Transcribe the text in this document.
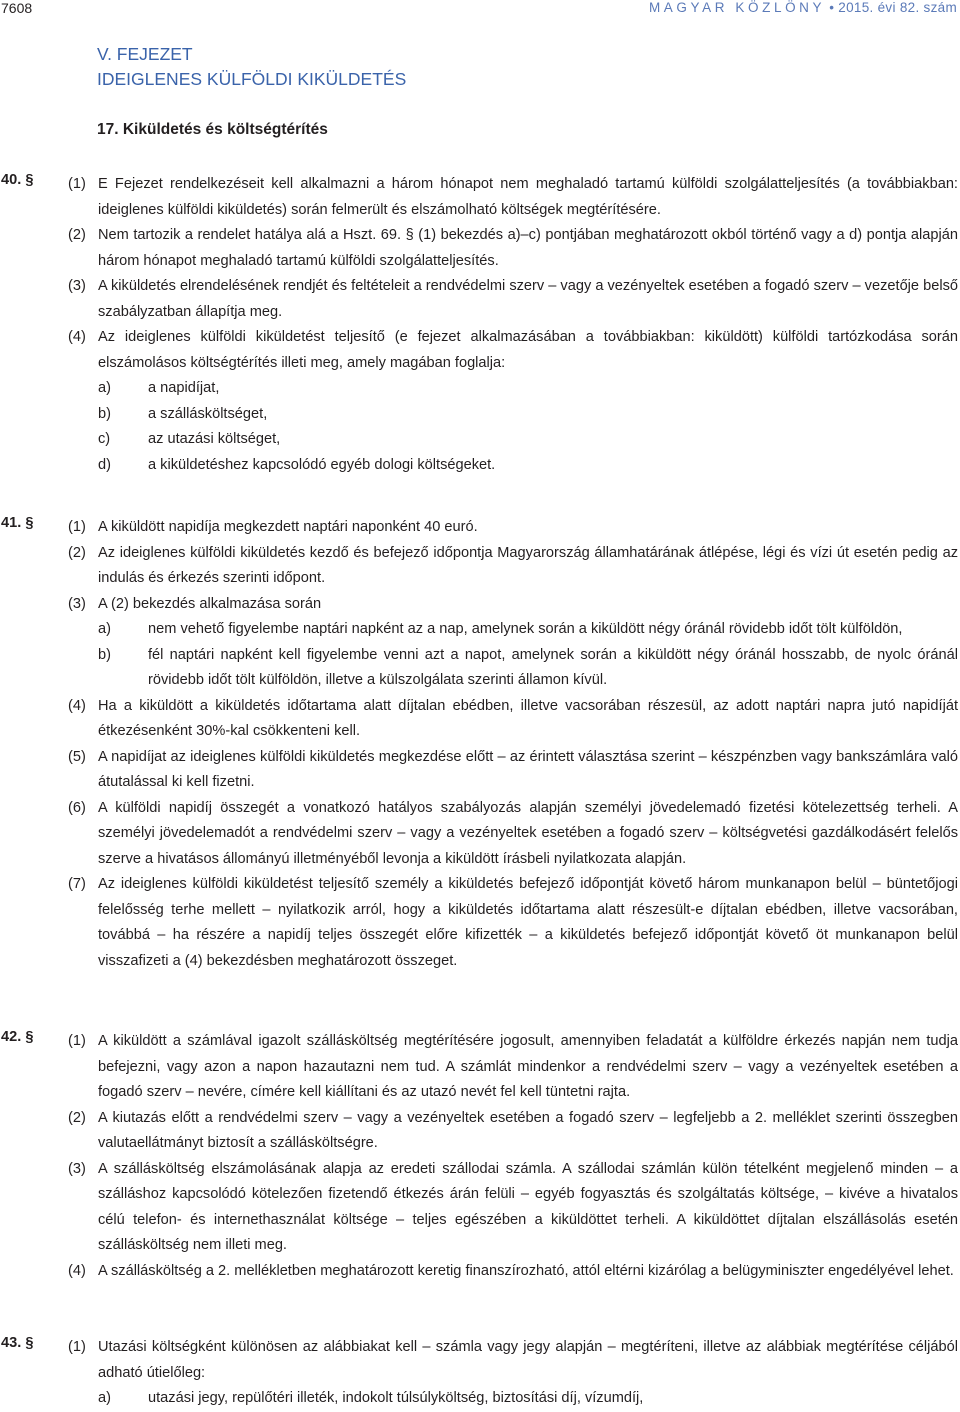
7608	MAGYAR KÖZLÖNY • 2015. évi 82. szám
V. FEJEZET
IDEIGLENES KÜLFÖLDI KIKÜLDETÉS
17. Kiküldetés és költségtérítés
40. § (1) E Fejezet rendelkezéseit kell alkalmazni a három hónapot nem meghaladó tartamú külföldi szolgálatteljesítés (a továbbiakban: ideiglenes külföldi kiküldetés) során felmerült és elszámolható költségek megtérítésére.
(2) Nem tartozik a rendelet hatálya alá a Hszt. 69. § (1) bekezdés a)–c) pontjában meghatározott okból történő vagy a d) pontja alapján három hónapot meghaladó tartamú külföldi szolgálatteljesítés.
(3) A kiküldetés elrendelésének rendjét és feltételeit a rendvédelmi szerv – vagy a vezényeltek esetében a fogadó szerv – vezetője belső szabályzatban állapítja meg.
(4) Az ideiglenes külföldi kiküldetést teljesítő (e fejezet alkalmazásában a továbbiakban: kiküldött) külföldi tartózkodása során elszámolásos költségtérítés illeti meg, amely magában foglalja:
a)	a napidíjat,
b)	a szállásköltséget,
c)	az utazási költséget,
d)	a kiküldetéshez kapcsolódó egyéb dologi költségeket.
41. § (1) A kiküldött napidíja megkezdett naptári naponként 40 euró.
(2) Az ideiglenes külföldi kiküldetés kezdő és befejező időpontja Magyarország államhatárának átlépése, légi és vízi út esetén pedig az indulás és érkezés szerinti időpont.
(3) A (2) bekezdés alkalmazása során
a)	nem vehető figyelembe naptári napként az a nap, amelynek során a kiküldött négy óránál rövidebb időt tölt külföldön,
b)	fél naptári napként kell figyelembe venni azt a napot, amelynek során a kiküldött négy óránál hosszabb, de nyolc óránál rövidebb időt tölt külföldön, illetve a külszolgálata szerinti államon kívül.
(4) Ha a kiküldött a kiküldetés időtartama alatt díjtalan ebédben, illetve vacsorában részesül, az adott naptári napra jutó napidíját étkezésenként 30%-kal csökkenteni kell.
(5) A napidíjat az ideiglenes külföldi kiküldetés megkezdése előtt – az érintett választása szerint – készpénzben vagy bankszámlára való átutalással ki kell fizetni.
(6) A külföldi napidíj összegét a vonatkozó hatályos szabályozás alapján személyi jövedelemadó fizetési kötelezettség terheli. A személyi jövedelemadót a rendvédelmi szerv – vagy a vezényeltek esetében a fogadó szerv – költségvetési gazdálkodásért felelős szerve a hivatásos állományú illetményéből levonja a kiküldött írásbeli nyilatkozata alapján.
(7) Az ideiglenes külföldi kiküldetést teljesítő személy a kiküldetés befejező időpontját követő három munkanapon belül – büntetőjogi felelősség terhe mellett – nyilatkozik arról, hogy a kiküldetés időtartama alatt részesült-e díjtalan ebédben, illetve vacsorában, továbbá – ha részére a napidíj teljes összegét előre kifizették – a kiküldetés befejező időpontját követő öt munkanapon belül visszafizeti a (4) bekezdésben meghatározott összeget.
42. § (1) A kiküldött a számlával igazolt szállásköltség megtérítésére jogosult, amennyiben feladatát a külföldre érkezés napján nem tudja befejezni, vagy azon a napon hazautazni nem tud. A számlát mindenkor a rendvédelmi szerv – vagy a vezényeltek esetében a fogadó szerv – nevére, címére kell kiállítani és az utazó nevét fel kell tüntetni rajta.
(2) A kiutazás előtt a rendvédelmi szerv – vagy a vezényeltek esetében a fogadó szerv – legfeljebb a 2. melléklet szerinti összegben valutaellátmányt biztosít a szállásköltségre.
(3) A szállásköltség elszámolásának alapja az eredeti szállodai számla. A szállodai számlán külön tételként megjelenő minden – a szálláshoz kapcsolódó kötelezően fizetendő étkezés árán felüli – egyéb fogyasztás és szolgáltatás költsége, – kivéve a hivatalos célú telefon- és internethasználat költsége – teljes egészében a kiküldöttet terheli. A kiküldöttet díjtalan elszállásolás esetén szállásköltség nem illeti meg.
(4) A szállásköltség a 2. mellékletben meghatározott keretig finanszírozható, attól eltérni kizárólag a belügyminiszter engedélyével lehet.
43. § (1) Utazási költségként különösen az alábbiakat kell – számla vagy jegy alapján – megtéríteni, illetve az alábbiak megtérítése céljából adható útielőleg:
a)	utazási jegy, repülőtéri illeték, indokolt túlsúlyköltség, biztosítási díj, vízumdíj,
